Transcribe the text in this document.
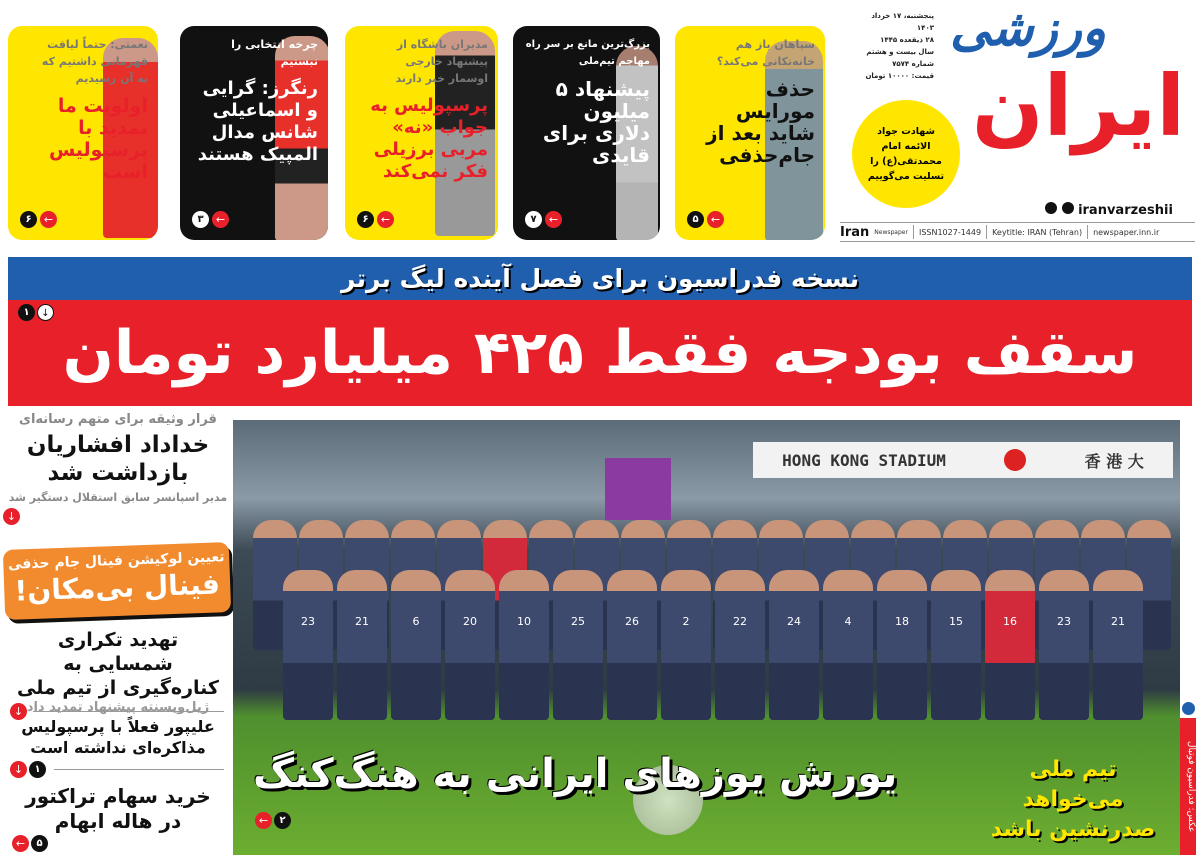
ورزشی
ایران
پنجشنبه، ۱۷ خرداد ۱۴۰۳
۲۸ ذیقعده ۱۴۴۵
سال بیست و هشتم
شماره ۷۵۷۴
قیمت: ۱۰۰۰۰ تومان
شهادت جواد الائمه امام محمدتقی(ع) را تسلیت می‌گوییم
iranvarzeshii
Iran Newspaper ISSN1027-1449 Keytitle: IRAN (Tehran) newspaper.inn.ir
سپاهان باز هم خانه‌تکانی می‌کند؟
حذف مورایس شاید بعد از جام‌حذفی
←
۵
بزرگ‌ترین مانع بر سر راه مهاجم تیم‌ملی
پیشنهاد ۵ میلیون دلاری برای قایدی
←
۷
مدیران باشگاه از پیشنهاد خارجی اوسمار خبر دارند
پرسپولیس به جواب «نه» مربی برزیلی فکر نمی‌کند
←
۶
چرخه انتخابی را نبستیم
رنگرز: گرایی و اسماعیلی شانس مدال المپیک هستند
←
۳
نعمتی: حتماً لیاقت قهرمانی داشتیم که به آن رسیدیم
اولویت ما تمدید با پرسپولیس است
←
۶
نسخه فدراسیون برای فصل آینده لیگ برتر
سقف بودجه فقط ۴۲۵ میلیارد تومان
↓
۱
قرار وثیقه برای متهم رسانه‌ای
خداداد افشاریان بازداشت شد
مدیر اسپانسر سابق استقلال دستگیر شد
↓
تعیین لوکیشن فینال جام حذفی
فینال بی‌مکان!
تهدید تکراری شمسایی به کناره‌گیری از تیم ملی
↓ ژیل‌ویسنته پیشنهاد تمدید داد
علیپور فعلاً با پرسپولیس مذاکره‌ای نداشته است
↓	۱
خرید سهام تراکتور در هاله ابهام
←	۵
HONG KONG STADIUM	香 港 大
23	21	6	20	10	25	26	2	22	24	4	18	15	16	23	21
یورش یوزهای ایرانی به هنگ‌کنگ	تیم ملی می‌خواهد صدرنشین باشد
←	۲	عکس: فدراسیون فوتبال
